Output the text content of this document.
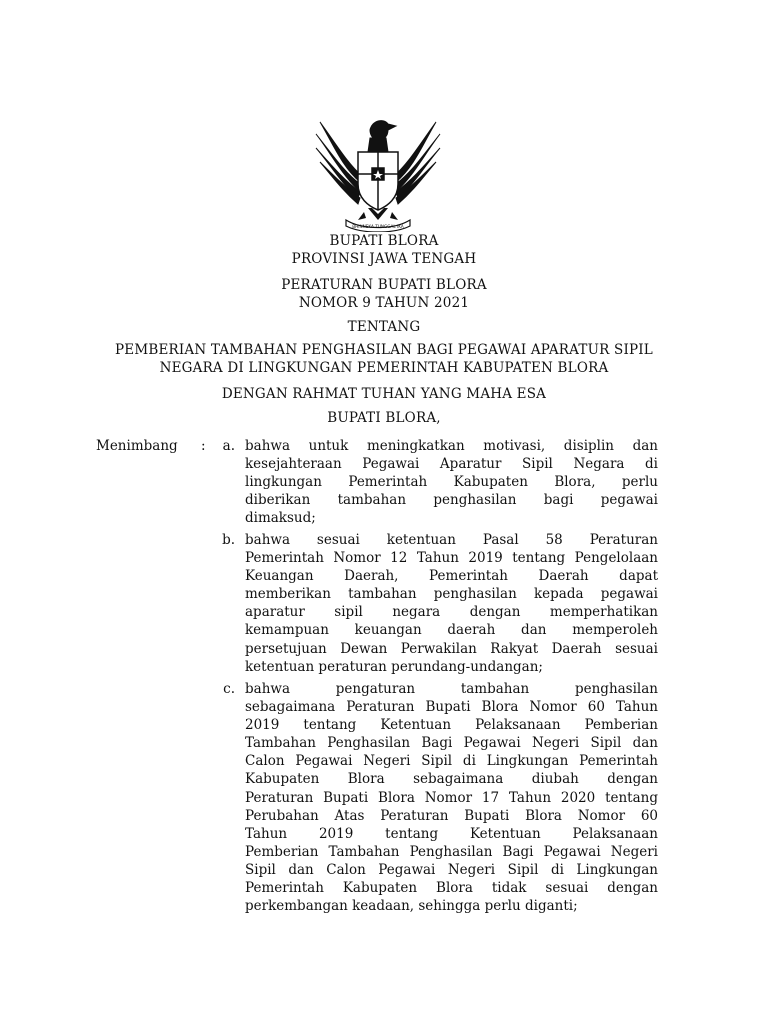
BHINNEKA TUNGGAL IKA
BUPATI BLORA
PROVINSI JAWA TENGAH
PERATURAN BUPATI BLORA
NOMOR 9 TAHUN 2021
TENTANG
PEMBERIAN TAMBAHAN PENGHASILAN BAGI PEGAWAI APARATUR SIPIL
NEGARA DI LINGKUNGAN PEMERINTAH KABUPATEN BLORA
DENGAN RAHMAT TUHAN YANG MAHA ESA
BUPATI BLORA,
Menimbang :	a. bahwa untuk meningkatkan motivasi, disiplin dan
kesejahteraan Pegawai Aparatur Sipil Negara di
lingkungan Pemerintah Kabupaten Blora, perlu
diberikan tambahan penghasilan bagi pegawai
dimaksud;
b. bahwa sesuai ketentuan Pasal 58 Peraturan
Pemerintah Nomor 12 Tahun 2019 tentang Pengelolaan
Keuangan Daerah, Pemerintah Daerah dapat
memberikan tambahan penghasilan kepada pegawai
aparatur sipil negara dengan memperhatikan
kemampuan keuangan daerah dan memperoleh
persetujuan Dewan Perwakilan Rakyat Daerah sesuai
ketentuan peraturan perundang-undangan;
c. bahwa pengaturan tambahan penghasilan
sebagaimana Peraturan Bupati Blora Nomor 60 Tahun
2019 tentang Ketentuan Pelaksanaan Pemberian
Tambahan Penghasilan Bagi Pegawai Negeri Sipil dan
Calon Pegawai Negeri Sipil di Lingkungan Pemerintah
Kabupaten Blora sebagaimana diubah dengan
Peraturan Bupati Blora Nomor 17 Tahun 2020 tentang
Perubahan Atas Peraturan Bupati Blora Nomor 60
Tahun 2019 tentang Ketentuan Pelaksanaan
Pemberian Tambahan Penghasilan Bagi Pegawai Negeri
Sipil dan Calon Pegawai Negeri Sipil di Lingkungan
Pemerintah Kabupaten Blora tidak sesuai dengan
perkembangan keadaan, sehingga perlu diganti;
